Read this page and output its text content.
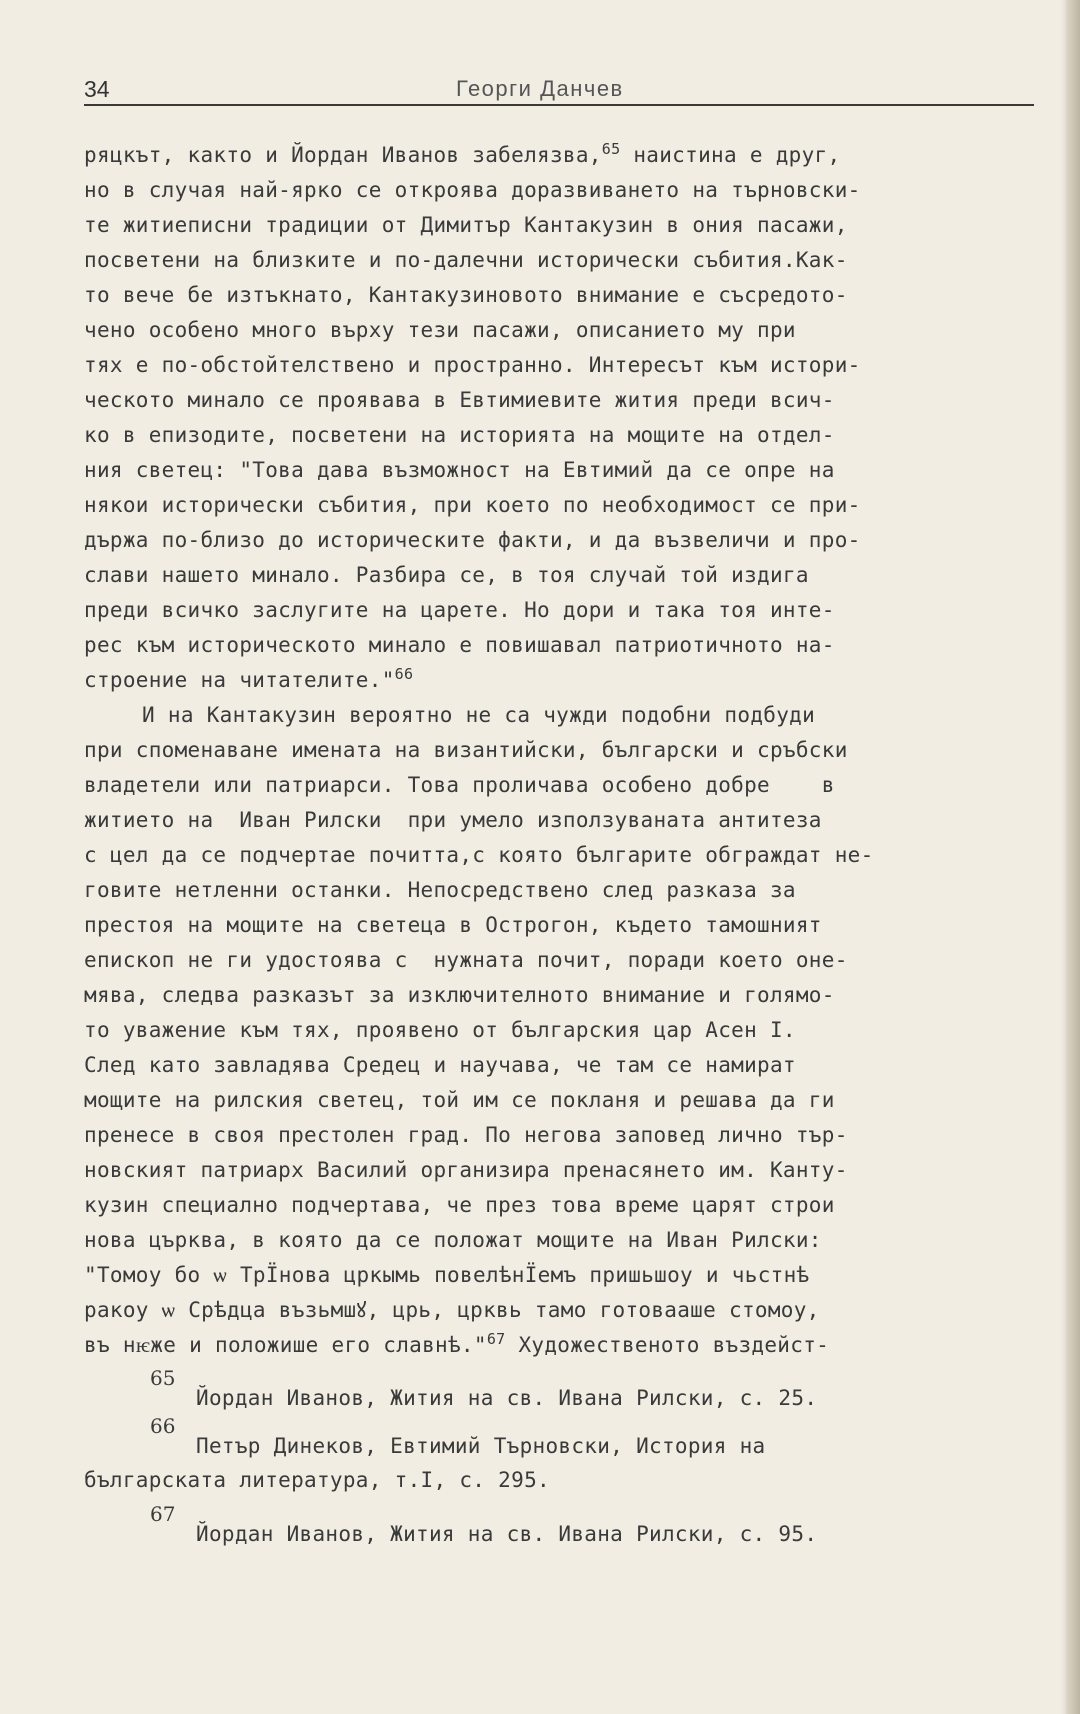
34	Георги Данчев
ряцкът, както и Йордан Иванов забелязва,$^{65}$ наистина е друг,
но в случая най-ярко се откроява доразвиването на търновски-
те житиеписни традиции от Димитър Кантакузин в ония пасажи,
посветени на близките и по-далечни исторически събития.Как-
то вече бе изтъкнато, Кантакузиновото внимание е съсредото-
чено особено много върху тези пасажи, описанието му при
тях е по-обстойтелствено и пространно. Интересът към истори-
ческото минало се проявава в Евтимиевите жития преди всич-
ко в епизодите, посветени на историята на мощите на отдел-
ния светец: "Това дава възможност на Евтимий да се опре на
някои исторически събития, при което по необходимост се при-
държа по-близо до историческите факти, и да възвеличи и про-
слави нашето минало. Разбира се, в тоя случай той издига
преди всичко заслугите на царете. Но дори и така тоя инте-
рес към историческото минало е повишавал патриотичното на-
строение на читателите."$^{66}$
И на Кантакузин вероятно не са чужди подобни подбуди
при споменаване имената на византийски, български и сръбски
владетели или патриарси. Това проличава особено добре    в
житието на  Иван Рилски  при умело използуваната антитеза
с цел да се подчертае почитта,с която българите обграждат не-
говите нетленни останки. Непосредствено след разказа за
престоя на мощите на светеца в Острогон, където тамошният
епископ не ги удостоява с  нужната почит, поради което оне-
мява, следва разказът за изключителното внимание и голямо-
то уважение към тях, проявено от българския цар Асен I.
След като завладява Средец и научава, че там се намират
мощите на рилския светец, той им се покланя и решава да ги
пренесе в своя престолен град. По негова заповед лично тър-
новският патриарх Василий организира пренасянето им. Канту-
кузин специално подчертава, че през това време царят строи
нова църква, в която да се положат мощите на Иван Рилски:
"Томоу бо ѡ ТрЇнова цркымь повелѣнЇемъ пришьшоу и чьстнѣ
ракоу ѡ Срѣдца възьмшꙋ, црь, црквь тамо готовааше стомоу,
въ нѥже и положише его славнѣ."$^{67}$ Художественото въздейст-
65
Йордан Иванов, Жития на св. Ивана Рилски, с. 25.
66
Петър Динеков, Евтимий Търновски, История на
българската литература, т.I, с. 295.
67
Йордан Иванов, Жития на св. Ивана Рилски, с. 95.
